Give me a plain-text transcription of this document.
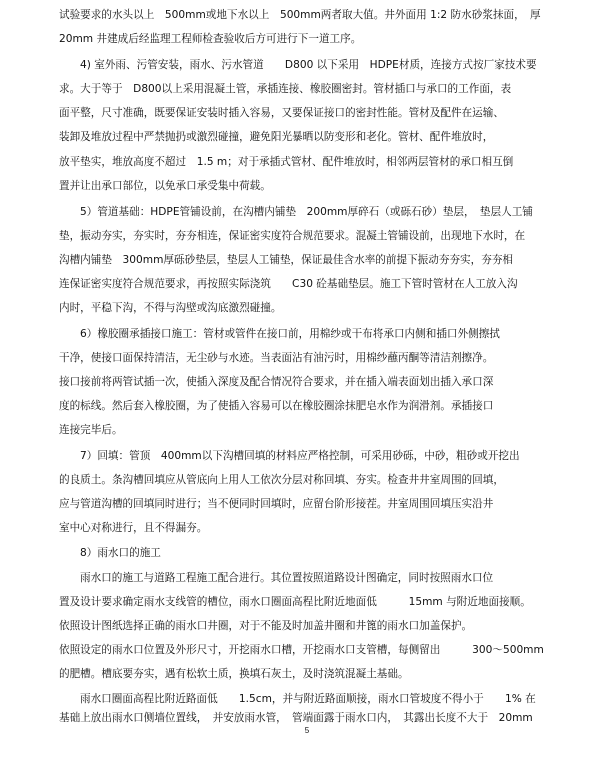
试验要求的水头以上　500mm或地下水以上　500mm两者取大值。井外面用 1:2 防水砂浆抹面，　厚
20mm 井建成后经监理工程师检查验收后方可进行下一道工序。
4) 室外雨、污管安装，雨水、污水管道　　D800 以下采用　HDPE材质，连接方式按厂家技术要
求。大于等于　D800以上采用混凝土管，承插连接、橡胶圈密封。管材插口与承口的工作面，表
面平整，尺寸准确，既要保证安装时插入容易，又要保证接口的密封性能。管材及配件在运输、
装卸及堆放过程中严禁抛扔或激烈碰撞，避免阳光暴晒以防变形和老化。管材、配件堆放时，
放平垫实，堆放高度不超过　1.5 m；对于承插式管材、配件堆放时，相邻两层管材的承口相互倒
置并让出承口部位，以免承口承受集中荷载。
5）管道基础：HDPE管铺设前，在沟槽内铺垫　200mm厚碎石（或砾石砂）垫层，　垫层人工铺
垫，振动夯实，夯实时，夯夯相连，保证密实度符合规范要求。混凝土管铺设前，出现地下水时，在
沟槽内铺垫　300mm厚砾砂垫层，垫层人工铺垫，保证最佳含水率的前提下振动夯夯实，夯夯相
连保证密实度符合规范要求，再按照实际浇筑　　C30 砼基础垫层。施工下管时管材在人工放入沟
内时，平稳下沟，不得与沟壁或沟底激烈碰撞。
6）橡胶圈承插接口施工：管材或管件在接口前，用棉纱或干布将承口内侧和插口外侧擦拭
干净，使接口面保持清洁，无尘砂与水迹。当表面沾有油污时，用棉纱蘸丙酮等清洁剂擦净。
接口接前将两管试插一次，使插入深度及配合情况符合要求，并在插入端表面划出插入承口深
度的标线。然后套入橡胶圈，为了使插入容易可以在橡胶圈涂抹肥皂水作为润滑剂。承插接口
连接完毕后。
7）回填：管顶　400mm以下沟槽回填的材料应严格控制，可采用砂砾，中砂，粗砂或开挖出
的良质土。条沟槽回填应从管底向上用人工依次分层对称回填、夯实。检查井井室周围的回填，
应与管道沟槽的回填同时进行；当不便同时回填时，应留台阶形接茬。井室周围回填压实沿井
室中心对称进行，且不得漏夯。
8）雨水口的施工
雨水口的施工与道路工程施工配合进行。其位置按照道路设计图确定，同时按照雨水口位
置及设计要求确定雨水支线管的槽位，雨水口圈面高程比附近地面低　　　15mm 与附近地面接顺。
依照设计图纸选择正确的雨水口井圈，对于不能及时加盖井圈和井篦的雨水口加盖保护。
依照设定的雨水口位置及外形尺寸，开挖雨水口槽，开挖雨水口支管槽，每侧留出　　　300～500mm
的肥槽。槽底要夯实，遇有松软土质，换填石灰土，及时浇筑混凝土基础。
雨水口圈面高程比附近路面低　　1.5cm，并与附近路面顺接，雨水口管坡度不得小于　　1% 在
基础上放出雨水口侧墙位置线，　并安放雨水管，　管端面露于雨水口内，　其露出长度不大于　20mm
5
